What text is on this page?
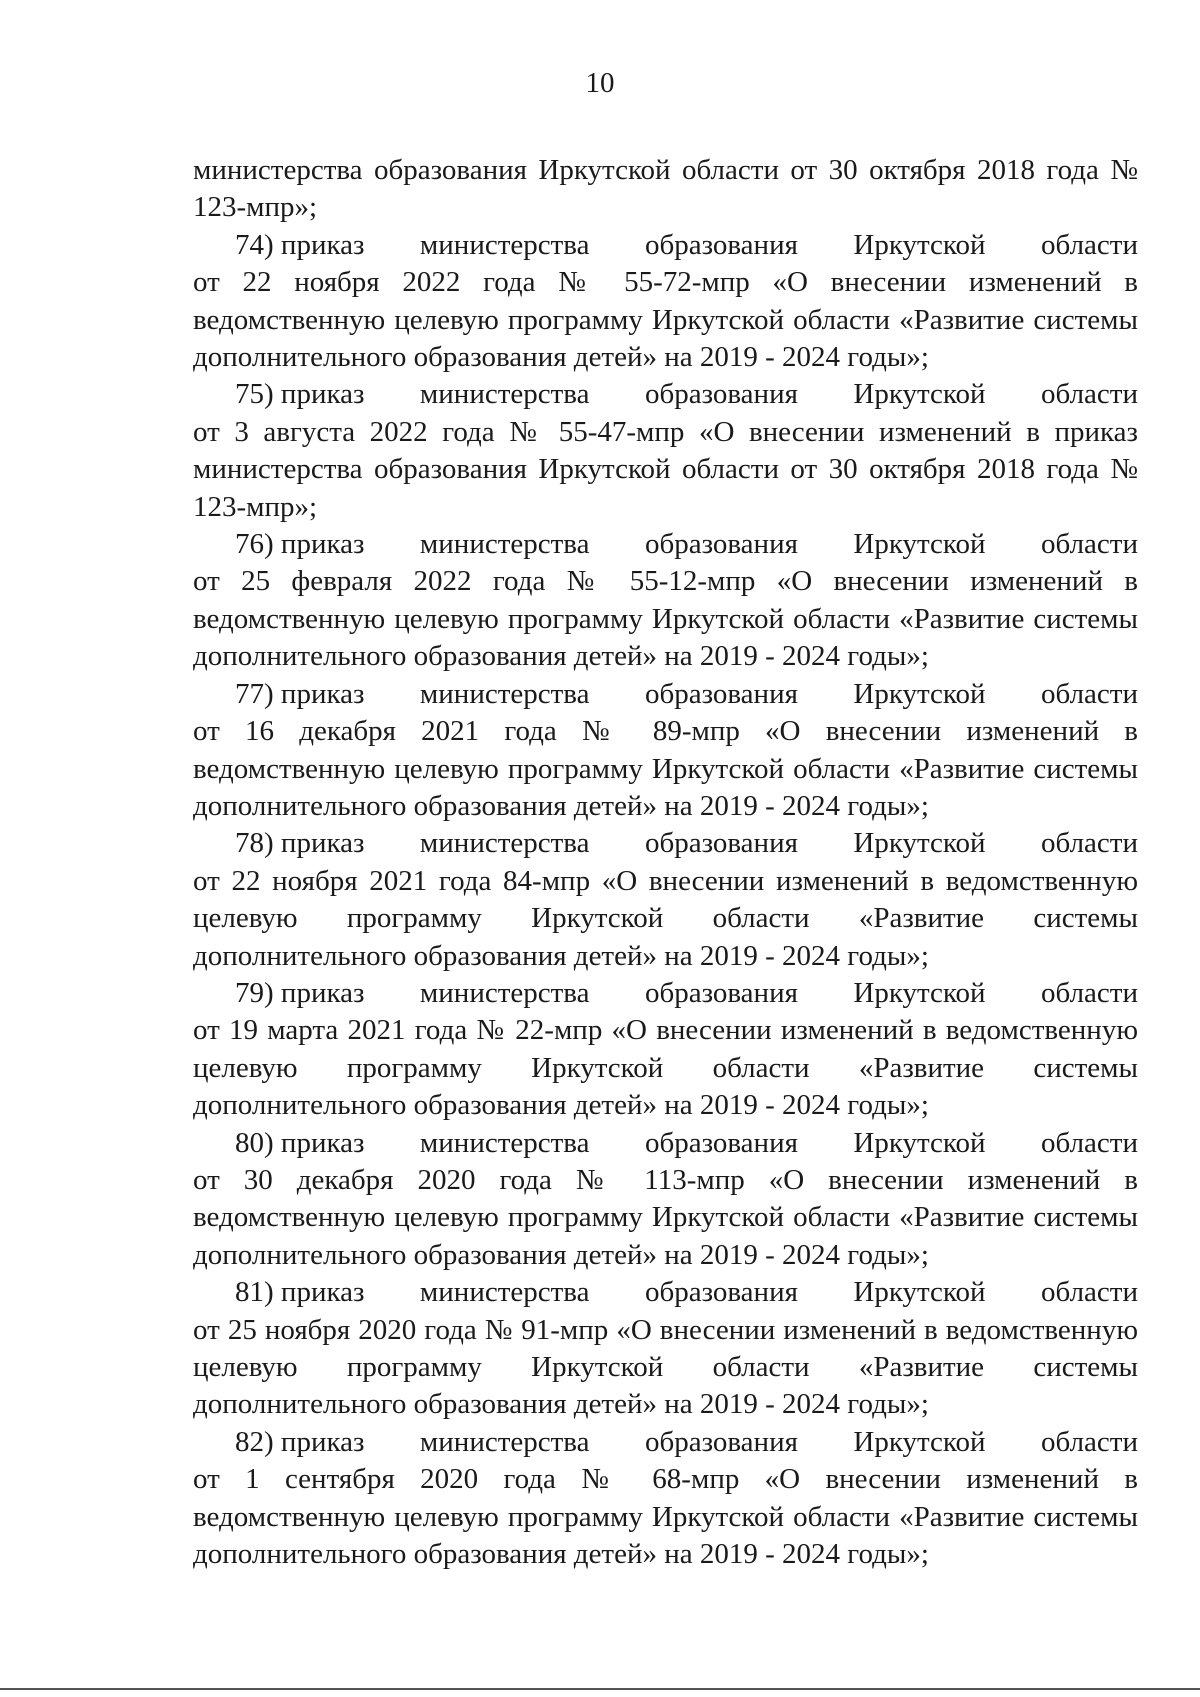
10

министерства образования Иркутской области от 30 октября 2018 года № 123-мпр»;

74) приказ министерства образования Иркутской области
от 22 ноября 2022 года № 55-72-мпр «О внесении изменений в ведомственную целевую программу Иркутской области «Развитие системы дополнительного образования детей» на 2019 - 2024 годы»;
75) приказ министерства образования Иркутской области
от 3 августа 2022 года № 55-47-мпр «О внесении изменений в приказ министерства образования Иркутской области от 30 октября 2018 года № 123-мпр»;
76) приказ министерства образования Иркутской области
от 25 февраля 2022 года № 55-12-мпр «О внесении изменений в ведомственную целевую программу Иркутской области «Развитие системы дополнительного образования детей» на 2019 - 2024 годы»;
77) приказ министерства образования Иркутской области
от 16 декабря 2021 года № 89-мпр «О внесении изменений в ведомственную целевую программу Иркутской области «Развитие системы дополнительного образования детей» на 2019 - 2024 годы»;
78) приказ министерства образования Иркутской области
от 22 ноября 2021 года 84-мпр «О внесении изменений в ведомственную целевую программу Иркутской области «Развитие системы дополнительного образования детей» на 2019 - 2024 годы»;
79) приказ министерства образования Иркутской области
от 19 марта 2021 года № 22-мпр «О внесении изменений в ведомственную целевую программу Иркутской области «Развитие системы дополнительного образования детей» на 2019 - 2024 годы»;
80) приказ министерства образования Иркутской области
от 30 декабря 2020 года № 113-мпр «О внесении изменений в ведомственную целевую программу Иркутской области «Развитие системы дополнительного образования детей» на 2019 - 2024 годы»;
81) приказ министерства образования Иркутской области
от 25 ноября 2020 года № 91-мпр «О внесении изменений в ведомственную целевую программу Иркутской области «Развитие системы дополнительного образования детей» на 2019 - 2024 годы»;
82) приказ министерства образования Иркутской области
от 1 сентября 2020 года № 68-мпр «О внесении изменений в ведомственную целевую программу Иркутской области «Развитие системы дополнительного образования детей» на 2019 - 2024 годы»;
